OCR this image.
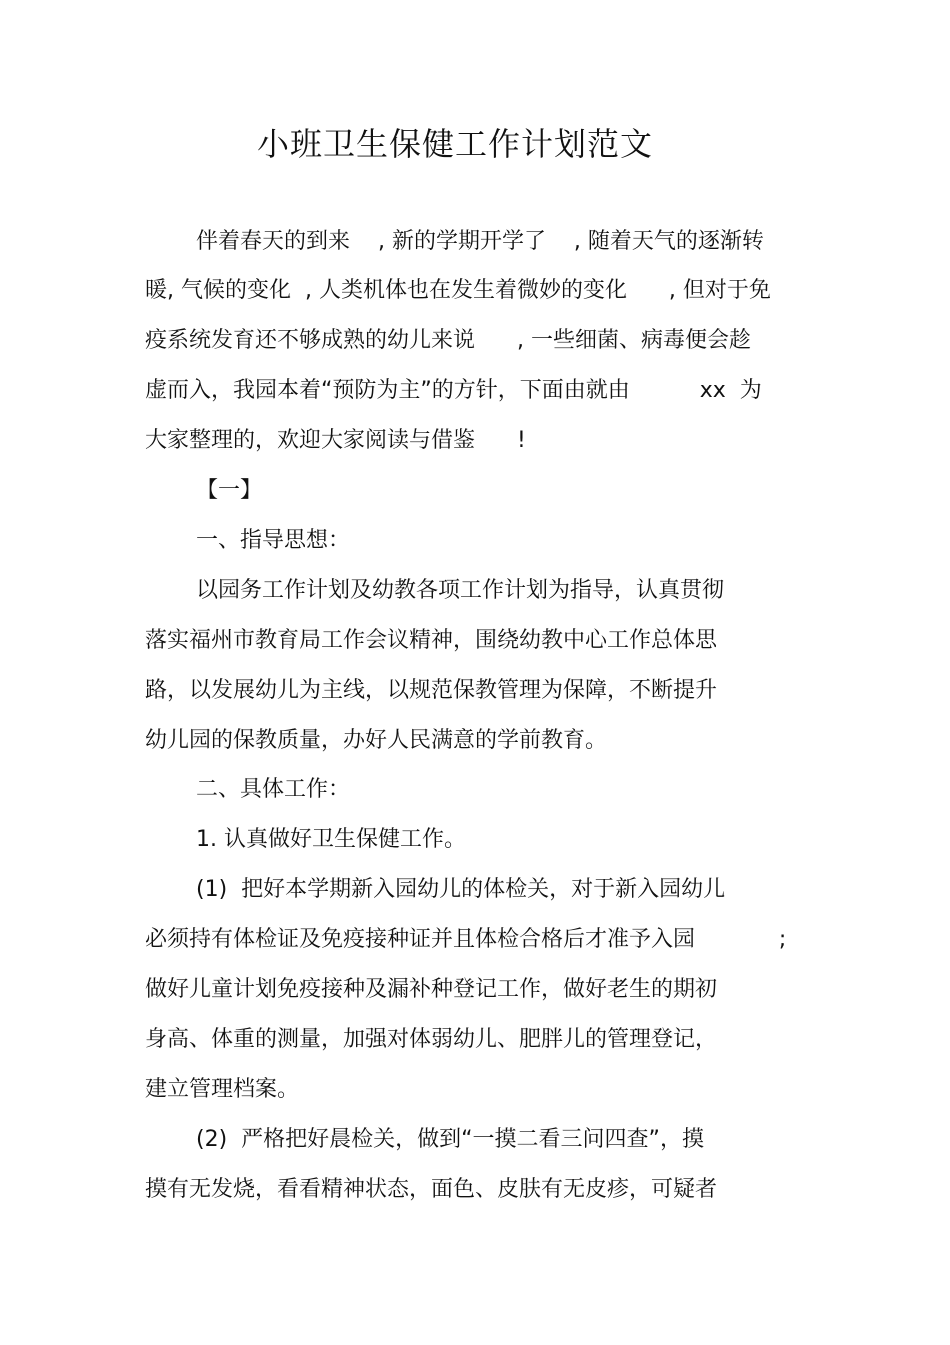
小班卫生保健工作计划范文
伴着春天的到来    , 新的学期开学了    , 随着天气的逐渐转
暖, 气候的变化  , 人类机体也在发生着微妙的变化      , 但对于免
疫系统发育还不够成熟的幼儿来说      , 一些细菌、病毒便会趁
虚而入，我园本着“预防为主”的方针，下面由就由          xx  为
大家整理的，欢迎大家阅读与借鉴      !
【一】
一、指导思想：
以园务工作计划及幼教各项工作计划为指导，认真贯彻
落实福州市教育局工作会议精神，围绕幼教中心工作总体思
路，以发展幼儿为主线，以规范保教管理为保障，不断提升
幼儿园的保教质量，办好人民满意的学前教育。
二、具体工作：
1. 认真做好卫生保健工作。
(1)  把好本学期新入园幼儿的体检关，对于新入园幼儿
必须持有体检证及免疫接种证并且体检合格后才准予入园            ;
做好儿童计划免疫接种及漏补种登记工作，做好老生的期初
身高、体重的测量，加强对体弱幼儿、肥胖儿的管理登记，
建立管理档案。
(2)  严格把好晨检关，做到“一摸二看三问四查”，摸
摸有无发烧，看看精神状态，面色、皮肤有无皮疹，可疑者
